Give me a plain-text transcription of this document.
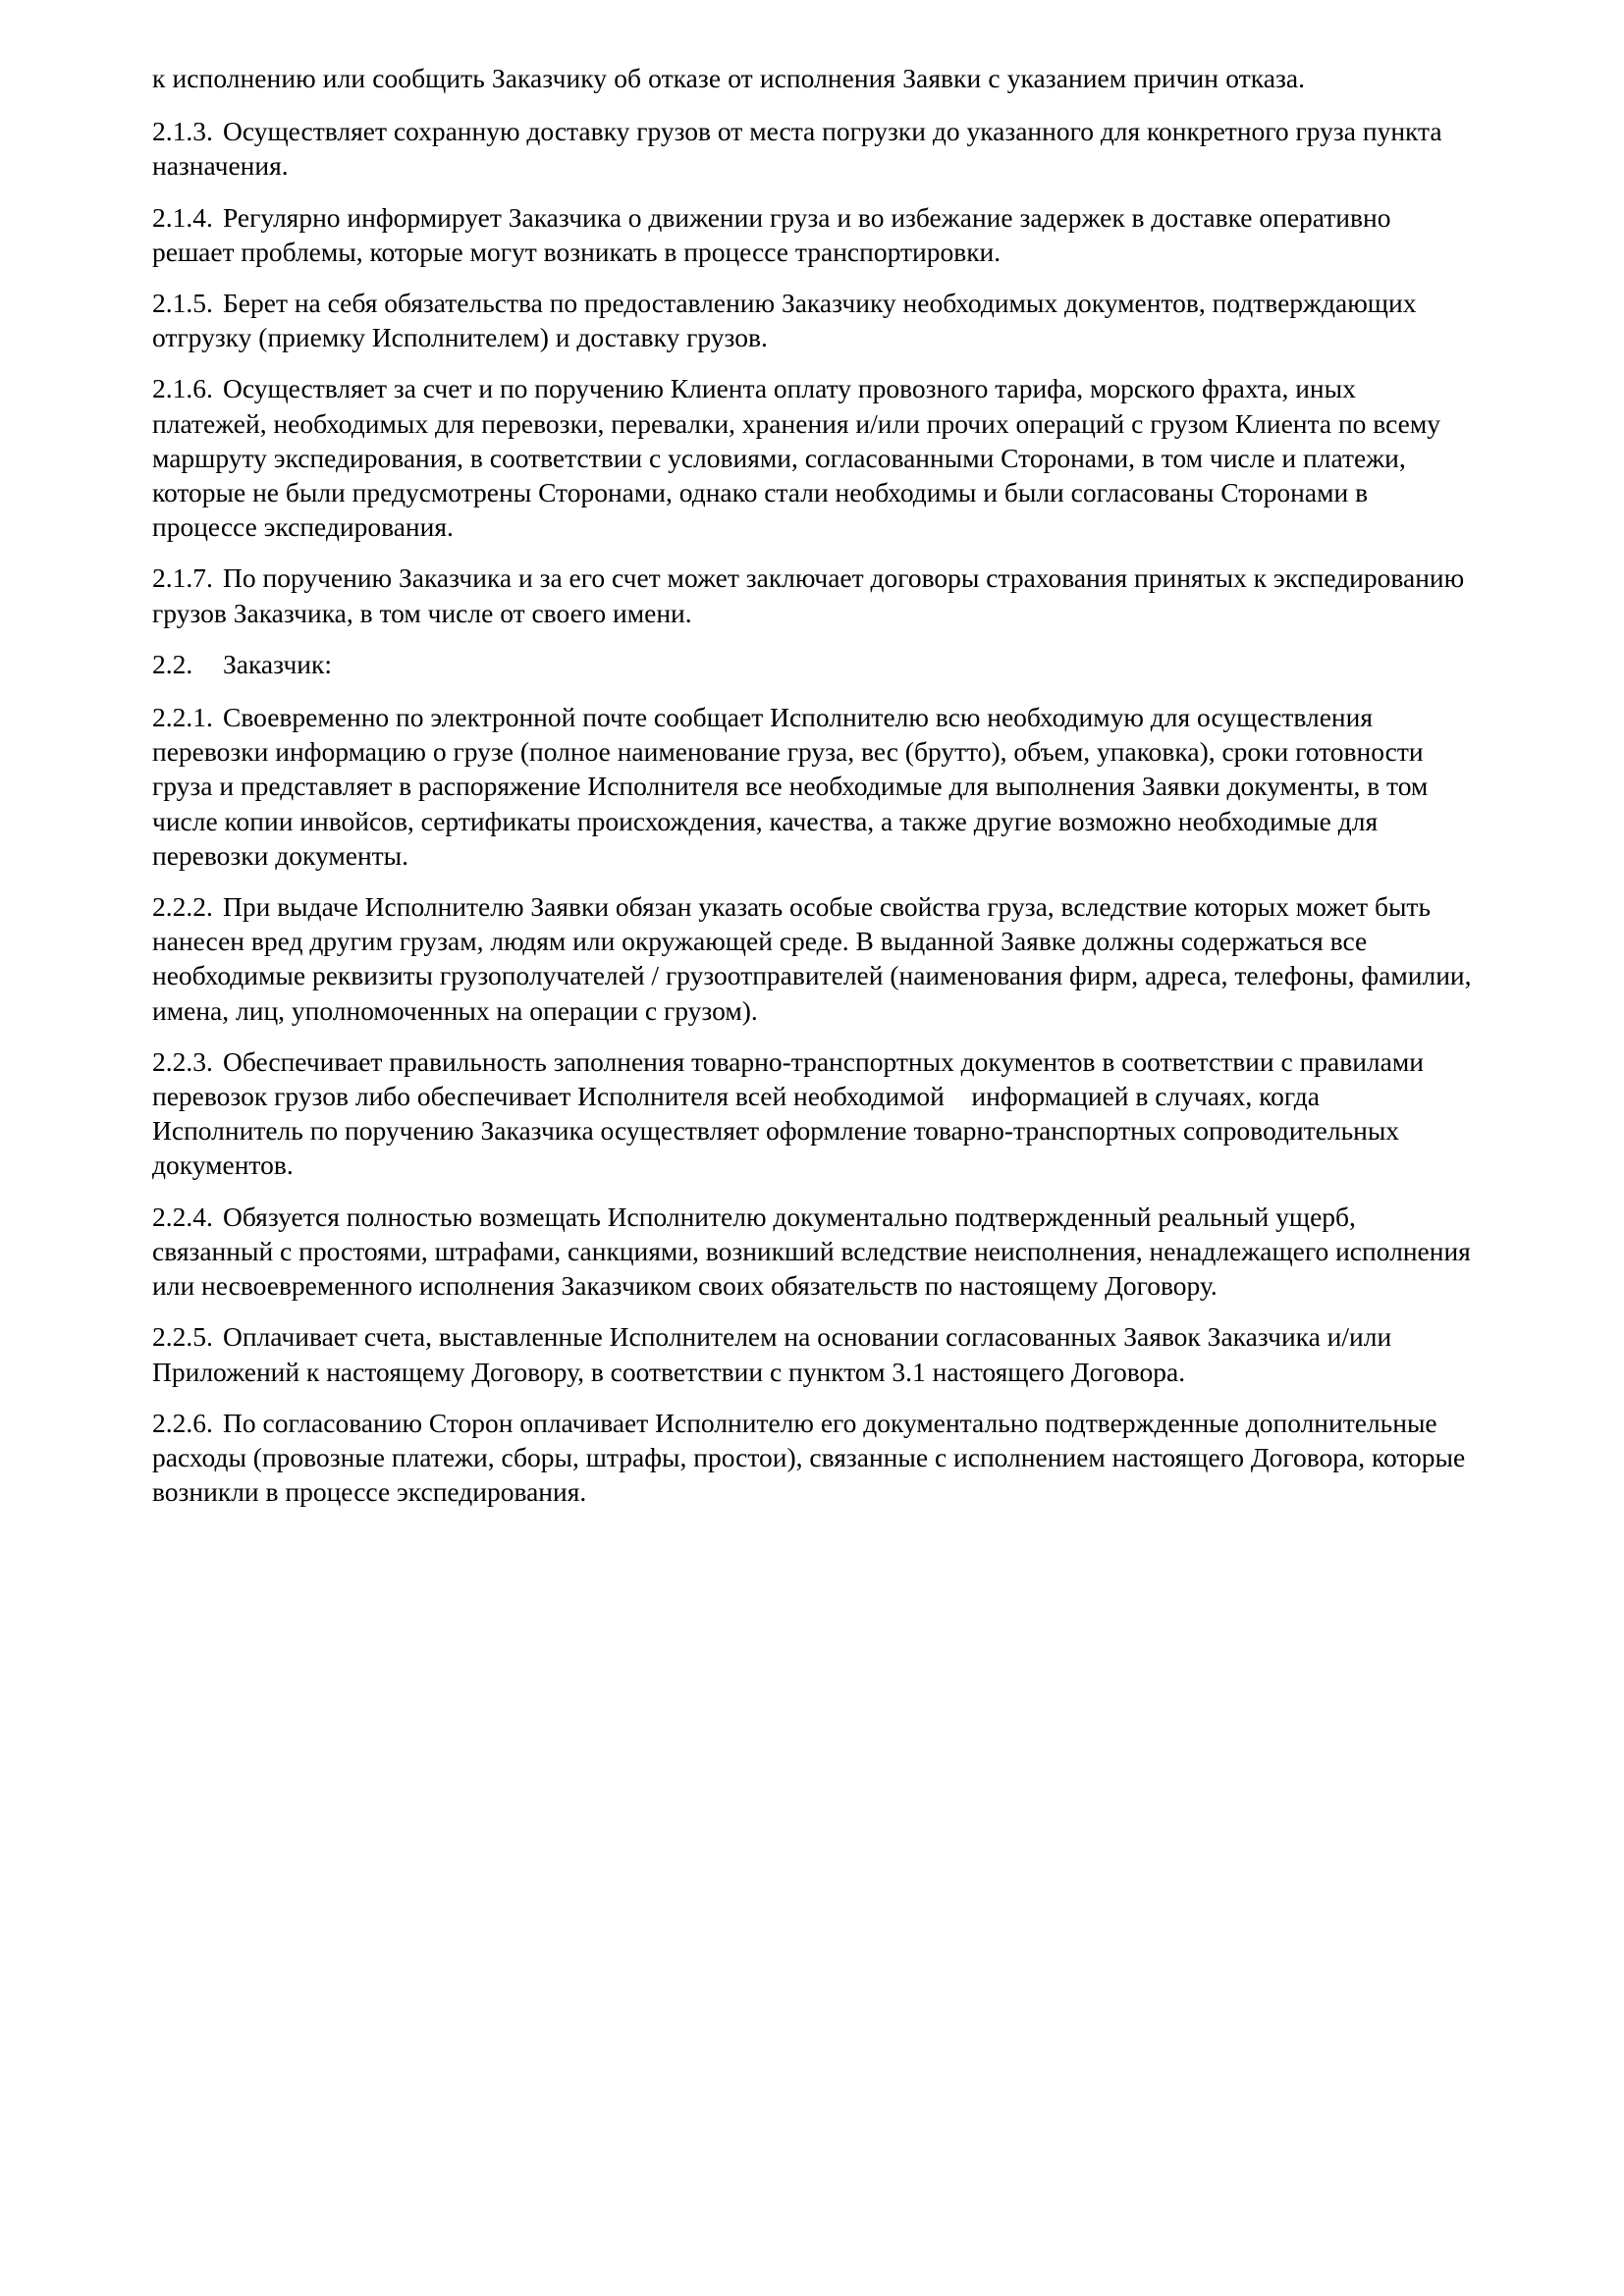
к исполнению или сообщить Заказчику об отказе от исполнения Заявки с указанием причин отказа.

2.1.3. Осуществляет сохранную доставку грузов от места погрузки до указанного для конкретного груза пункта назначения.

2.1.4. Регулярно информирует Заказчика о движении груза и во избежание задержек в доставке оперативно решает проблемы, которые могут возникать в процессе транспортировки.

2.1.5. Берет на себя обязательства по предоставлению Заказчику необходимых документов, подтверждающих отгрузку (приемку Исполнителем) и доставку грузов.

2.1.6. Осуществляет за счет и по поручению Клиента оплату провозного тарифа, морского фрахта, иных платежей, необходимых для перевозки, перевалки, хранения и/или прочих операций с грузом Клиента по всему маршруту экспедирования, в соответствии с условиями, согласованными Сторонами, в том числе и платежи, которые не были предусмотрены Сторонами, однако стали необходимы и были согласованы Сторонами в процессе экспедирования.

2.1.7. По поручению Заказчика и за его счет может заключает договоры страхования принятых к экспедированию грузов Заказчика, в том числе от своего имени.

2.2. Заказчик:

2.2.1. Своевременно по электронной почте сообщает Исполнителю всю необходимую для осуществления перевозки информацию о грузе (полное наименование груза, вес (брутто), объем, упаковка), сроки готовности груза и представляет в распоряжение Исполнителя все необходимые для выполнения Заявки документы, в том числе копии инвойсов, сертификаты происхождения, качества, а также другие возможно необходимые для перевозки документы.

2.2.2. При выдаче Исполнителю Заявки обязан указать особые свойства груза, вследствие которых может быть нанесен вред другим грузам, людям или окружающей среде. В выданной Заявке должны содержаться все необходимые реквизиты грузополучателей / грузоотправителей (наименования фирм, адреса, телефоны, фамилии, имена, лиц, уполномоченных на операции с грузом).

2.2.3. Обеспечивает правильность заполнения товарно-транспортных документов в соответствии с правилами перевозок грузов либо обеспечивает Исполнителя всей необходимой    информацией в случаях, когда Исполнитель по поручению Заказчика осуществляет оформление товарно-транспортных сопроводительных документов.

2.2.4. Обязуется полностью возмещать Исполнителю документально подтвержденный реальный ущерб, связанный с простоями, штрафами, санкциями, возникший вследствие неисполнения, ненадлежащего исполнения или несвоевременного исполнения Заказчиком своих обязательств по настоящему Договору.

2.2.5. Оплачивает счета, выставленные Исполнителем на основании согласованных Заявок Заказчика и/или Приложений к настоящему Договору, в соответствии с пунктом 3.1 настоящего Договора.

2.2.6. По согласованию Сторон оплачивает Исполнителю его документально подтвержденные дополнительные расходы (провозные платежи, сборы, штрафы, простои), связанные с исполнением настоящего Договора, которые возникли в процессе экспедирования.
